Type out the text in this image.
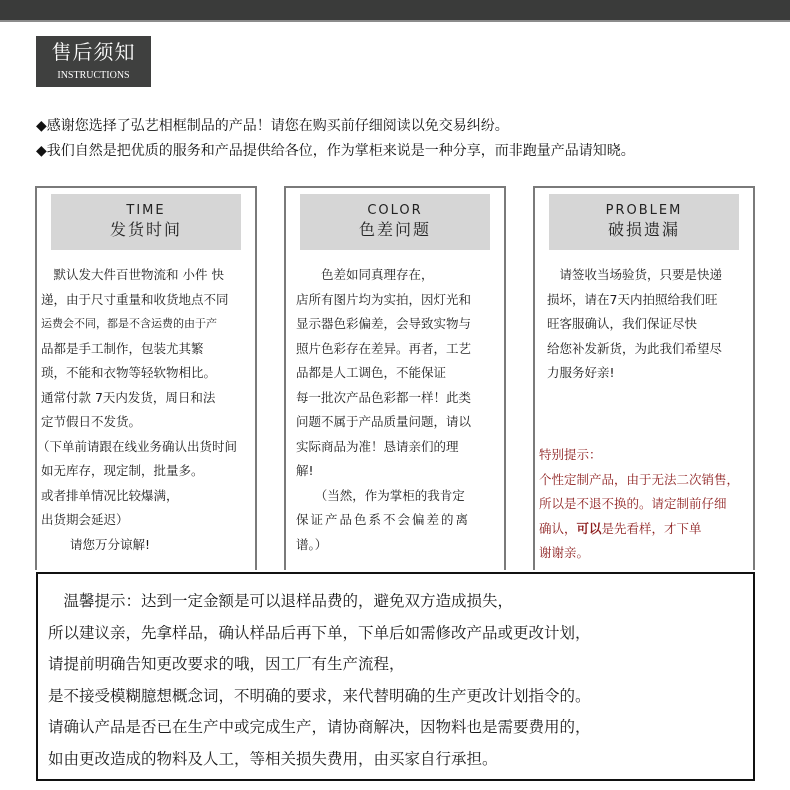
售后须知
INSTRUCTIONS
◆感谢您选择了弘艺相框制品的产品！请您在购买前仔细阅读以免交易纠纷。
◆我们自然是把优质的服务和产品提供给各位，作为掌柜来说是一种分享，而非跑量产品请知晓。
TIME
发货时间
　默认发大件百世物流和 小件 快
递，由于尺寸重量和收货地点不同
运费会不同，都是不含运费的由于产
品都是手工制作，包装尤其繁
琐，不能和衣物等轻软物相比。
通常付款 7天内发货，周日和法
定节假日不发货。
（下单前请跟在线业务确认出货时间
如无库存，现定制，批量多。
或者排单情况比较爆满，
出货期会延迟）
　　 请您万分谅解!
COLOR
色差问题
　　色差如同真理存在，
店所有图片均为实拍，因灯光和
显示器色彩偏差，会导致实物与
照片色彩存在差异。再者，工艺
品都是人工调色，不能保证
每一批次产品色彩都一样！此类
问题不属于产品质量问题，请以
实际商品为准！恳请亲们的理
解!
　　（当然，作为掌柜的我肯定
保证产品色系不会偏差的离
谱。）
PROBLEM
破损遗漏
　请签收当场验货，只要是快递
损坏，请在7天内拍照给我们旺
旺客服确认，我们保证尽快
给您补发新货，为此我们希望尽
力服务好亲!
特别提示：
个性定制产品，由于无法二次销售，
所以是不退不换的。请定制前仔细
确认，可以是先看样，才下单
谢谢亲。
　温馨提示：达到一定金额是可以退样品费的，避免双方造成损失，
所以建议亲，先拿样品，确认样品后再下单，下单后如需修改产品或更改计划，
请提前明确告知更改要求的哦，因工厂有生产流程，
是不接受模糊臆想概念词，不明确的要求，来代替明确的生产更改计划指令的。
请确认产品是否已在生产中或完成生产，请协商解决，因物料也是需要费用的，
如由更改造成的物料及人工，等相关损失费用，由买家自行承担。
